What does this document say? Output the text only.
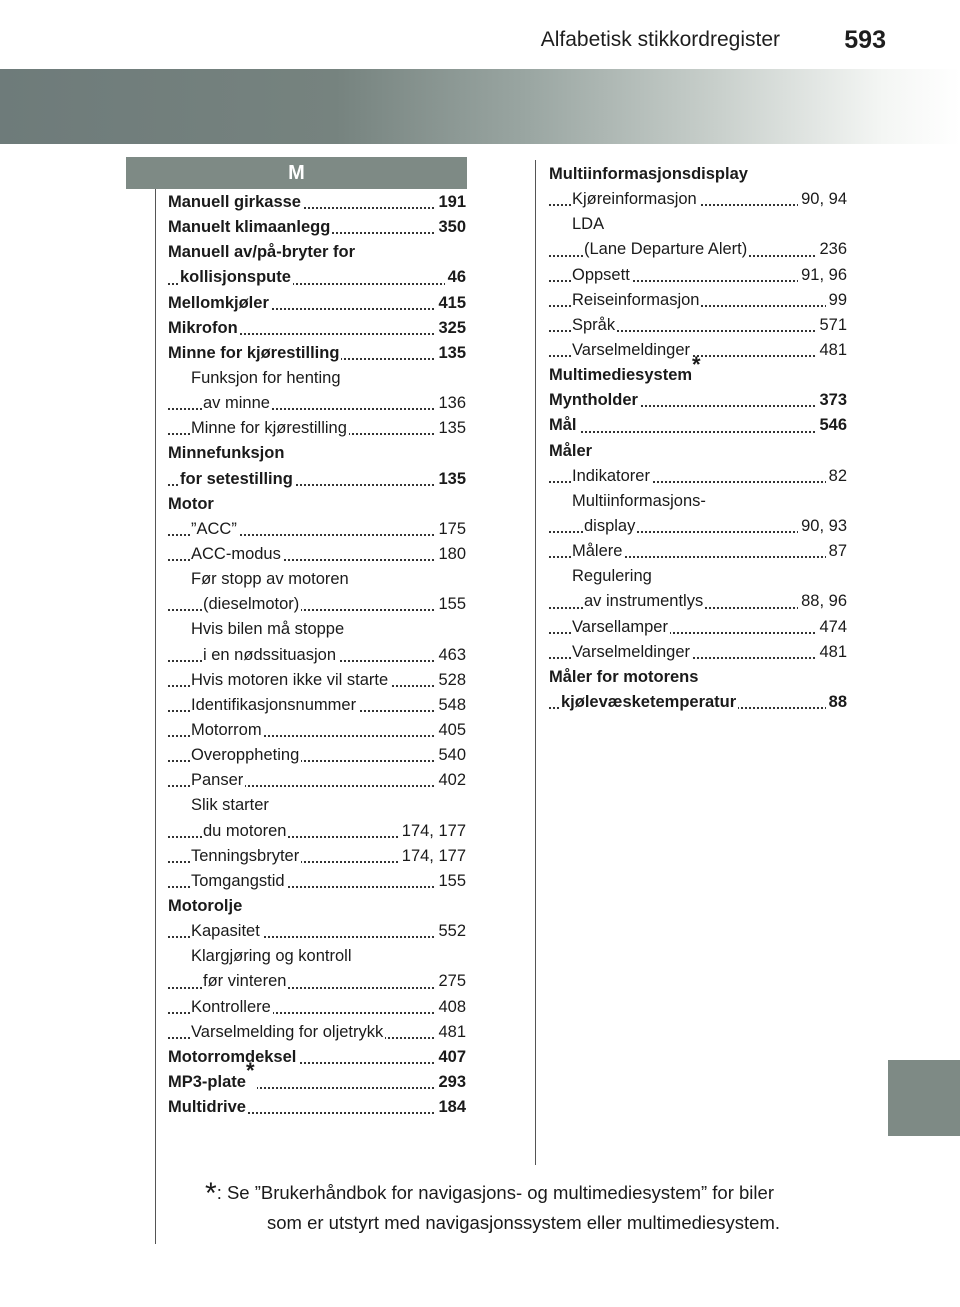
Alfabetisk stikkordregister	593
M
Manuell girkasse	191
Manuelt klimaanlegg	350
Manuell av/på-bryter for
kollisjonspute	46
Mellomkjøler	415
Mikrofon	325
Minne for kjørestilling	135
Funksjon for henting
av minne	136
Minne for kjørestilling	135
Minnefunksjon
for setestilling	135
Motor
”ACC”	175
ACC-modus	180
Før stopp av motoren
(dieselmotor)	155
Hvis bilen må stoppe
i en nødssituasjon	463
Hvis motoren ikke vil starte	528
Identifikasjonsnummer	548
Motorrom	405
Overoppheting	540
Panser	402
Slik starter
du motoren	174, 177
Tenningsbryter	174, 177
Tomgangstid	155
Motorolje
Kapasitet	552
Klargjøring og kontroll
før vinteren	275
Kontrollere	408
Varselmelding for oljetrykk	481
Motorromdeksel	407
MP3-plate*	293
Multidrive	184
Multiinformasjonsdisplay
Kjøreinformasjon	90, 94
LDA
(Lane Departure Alert)	236
Oppsett	91, 96
Reiseinformasjon	99
Språk	571
Varselmeldinger	481
Multimediesystem*
Myntholder	373
Mål	546
Måler
Indikatorer	82
Multiinformasjons-
display	90, 93
Målere	87
Regulering
av instrumentlys	88, 96
Varsellamper	474
Varselmeldinger	481
Måler for motorens
kjølevæsketemperatur	88
*: Se ”Brukerhåndbok for navigasjons- og multimediesystem” for biler
som er utstyrt med navigasjonssystem eller multimediesystem.
